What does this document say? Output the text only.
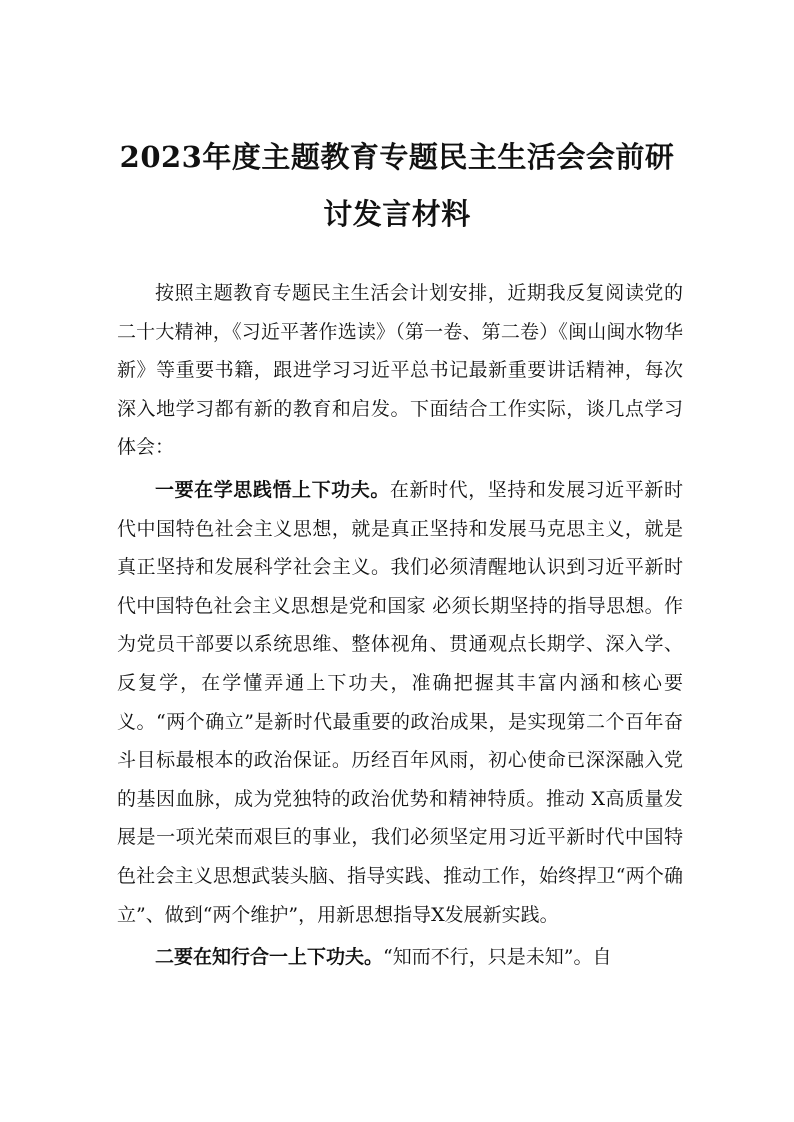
2023年度主题教育专题民主生活会会前研
讨发言材料

按照主题教育专题民主生活会计划安排，近期我反复阅读党的二十大精神，《习近平著作选读》（第一卷、第二卷）《闽山闽水物华新》等重要书籍，跟进学习习近平总书记最新重要讲话精神，每次深入地学习都有新的教育和启发。下面结合工作实际，谈几点学习体会：

一要在学思践悟上下功夫。在新时代，坚持和发展习近平新时代中国特色社会主义思想，就是真正坚持和发展马克思主义，就是真正坚持和发展科学社会主义。我们必须清醒地认识到习近平新时代中国特色社会主义思想是党和国家 必须长期坚持的指导思想。作为党员干部要以系统思维、整体视角、贯通观点长期学、深入学、反复学，在学懂弄通上下功夫，准确把握其丰富内涵和核心要义。“两个确立”是新时代最重要的政治成果，是实现第二个百年奋斗目标最根本的政治保证。历经百年风雨，初心使命已深深融入党的基因血脉，成为党独特的政治优势和精神特质。推动 X高质量发展是一项光荣而艰巨的事业，我们必须坚定用习近平新时代中国特色社会主义思想武装头脑、指导实践、推动工作，始终捍卫“两个确立”、做到“两个维护”，用新思想指导X发展新实践。

二要在知行合一上下功夫。“知而不行，只是未知”。自
